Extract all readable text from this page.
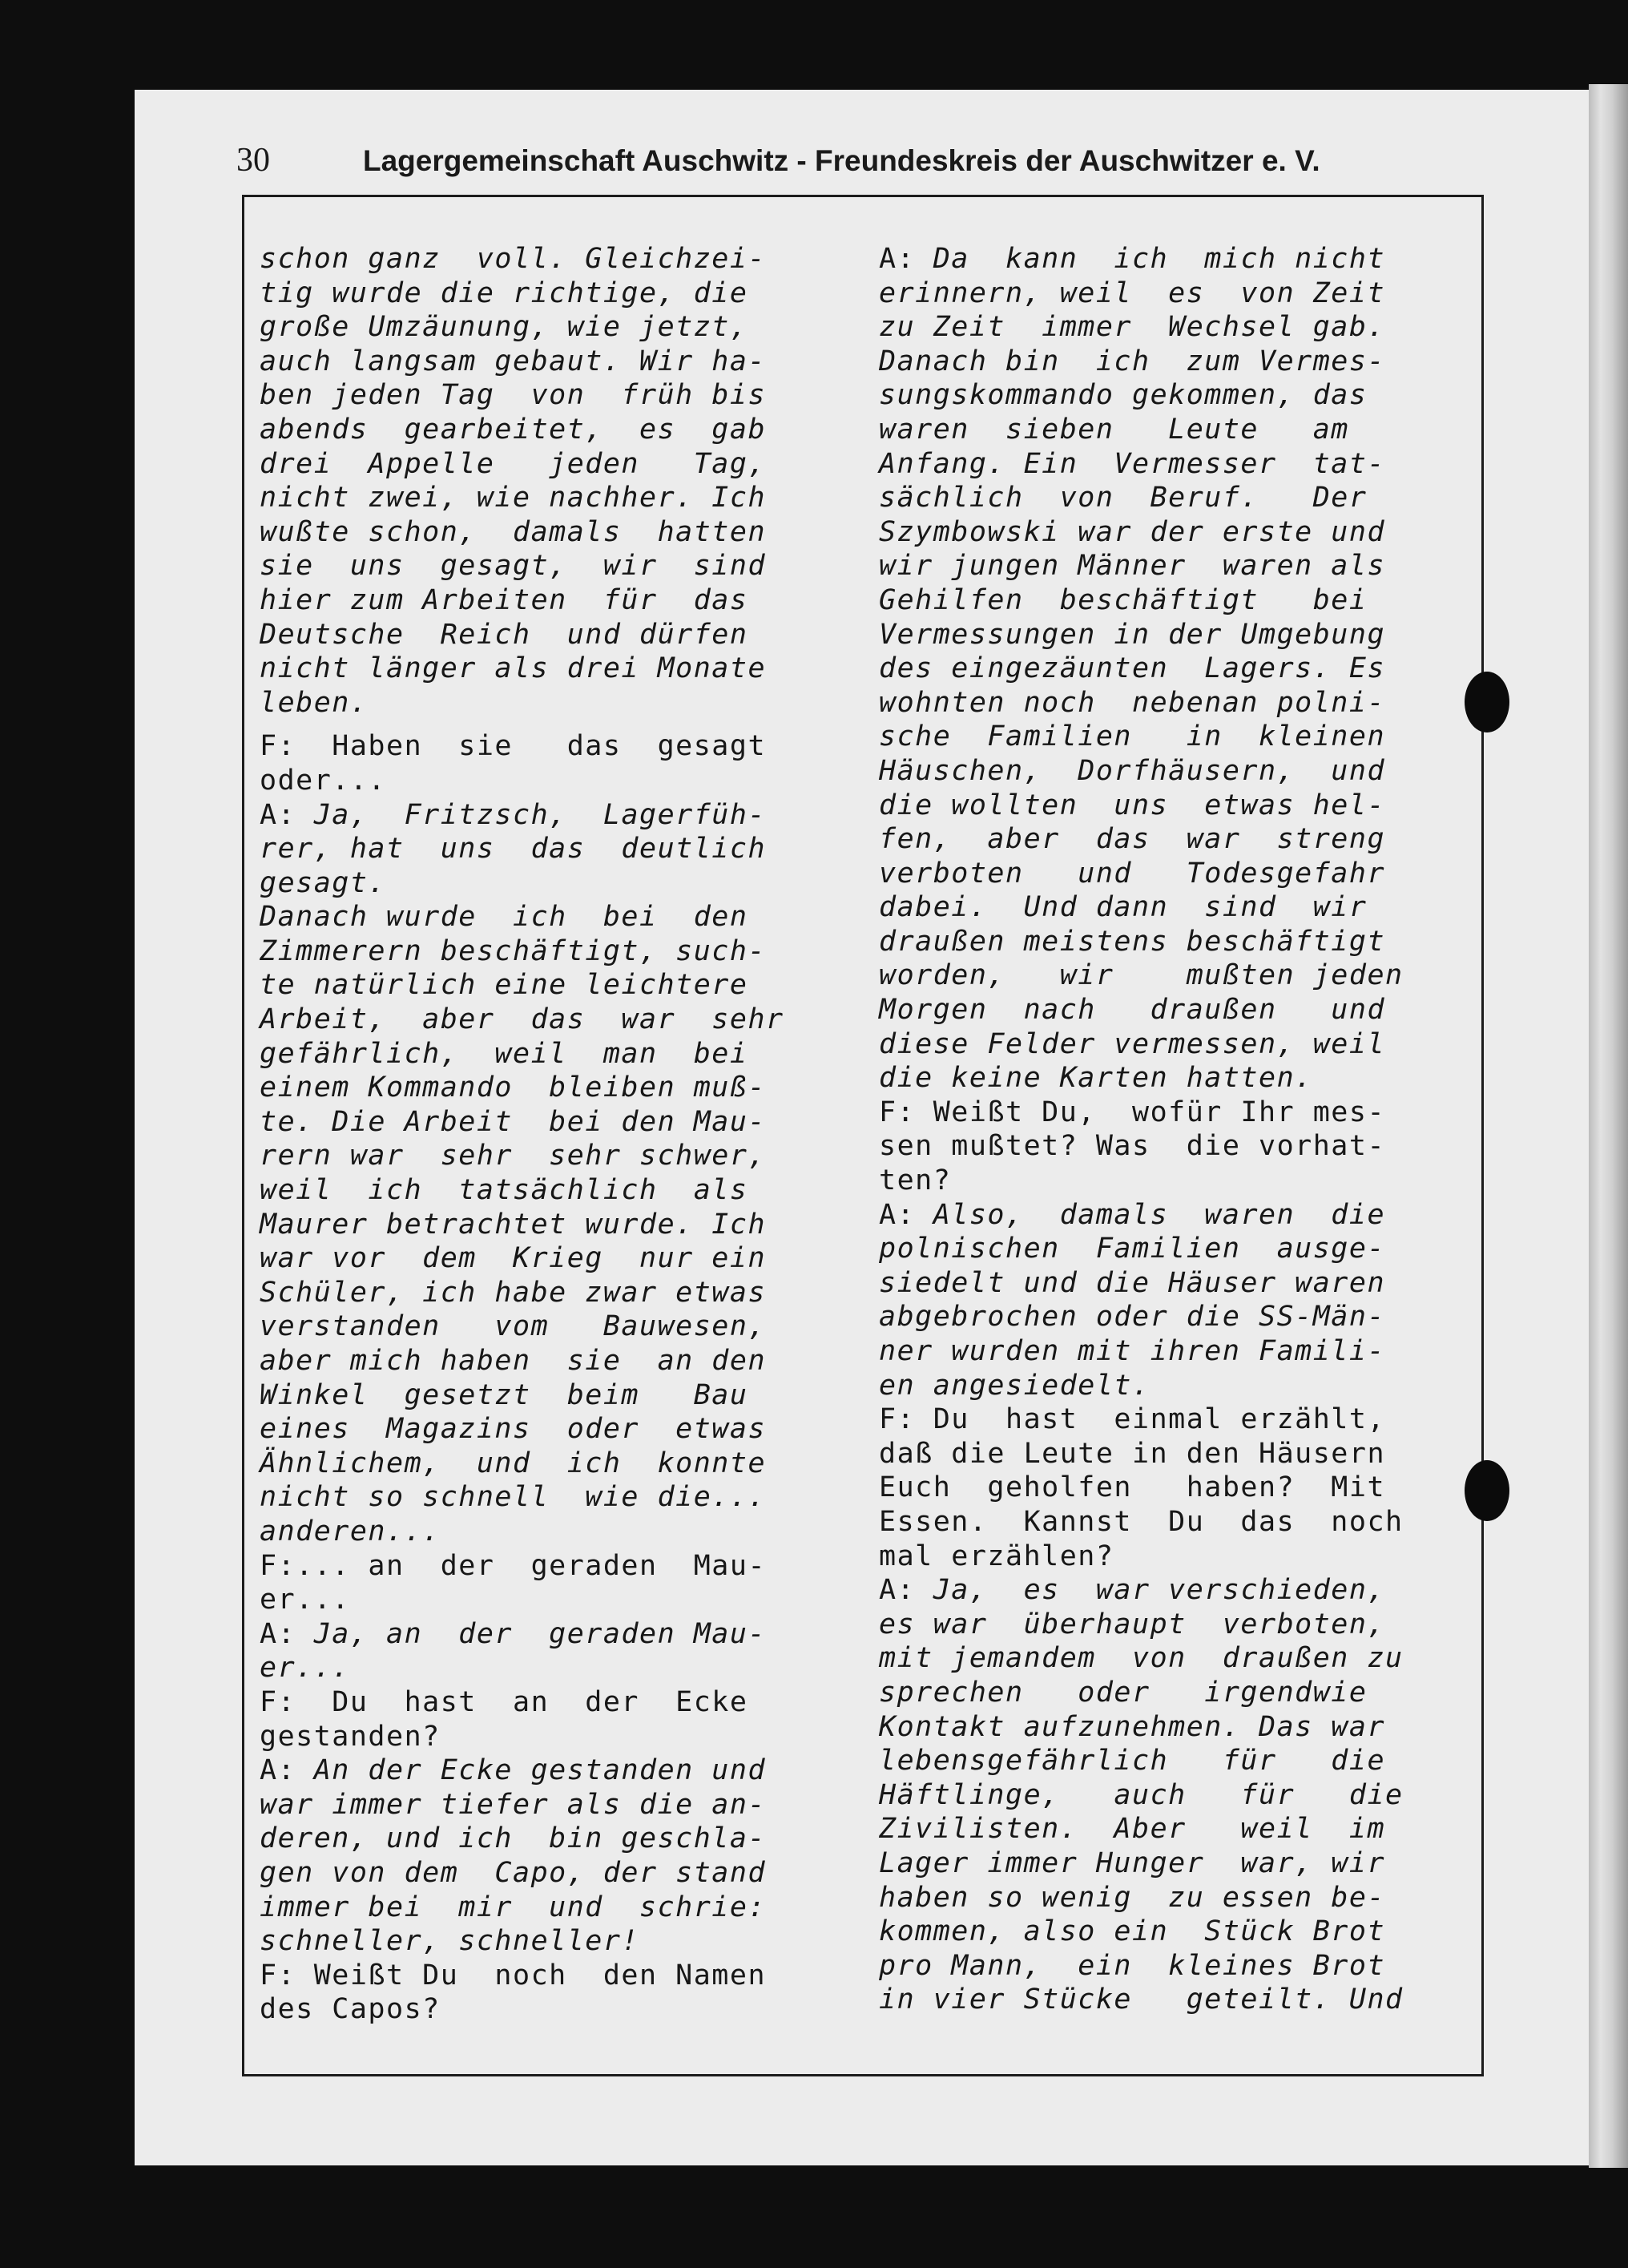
30	Lagergemeinschaft Auschwitz - Freundeskreis der Auschwitzer e. V.
schon ganz  voll. Gleichzei-
tig wurde die richtige, die
große Umzäunung, wie jetzt,
auch langsam gebaut. Wir ha-
ben jeden Tag  von  früh bis
abends  gearbeitet,  es  gab
drei  Appelle   jeden   Tag,
nicht zwei, wie nachher. Ich
wußte schon,  damals  hatten
sie  uns  gesagt,  wir  sind
hier zum Arbeiten  für  das
Deutsche  Reich  und dürfen
nicht länger als drei Monate
leben.
F:  Haben  sie   das  gesagt
oder...
A: Ja,  Fritzsch,  Lagerfüh-
rer, hat  uns  das  deutlich
gesagt.
Danach wurde  ich  bei  den
Zimmerern beschäftigt, such-
te natürlich eine leichtere
Arbeit,  aber  das  war  sehr
gefährlich,  weil  man  bei
einem Kommando  bleiben muß-
te. Die Arbeit  bei den Mau-
rern war  sehr  sehr schwer,
weil  ich  tatsächlich  als
Maurer betrachtet wurde. Ich
war vor  dem  Krieg  nur ein
Schüler, ich habe zwar etwas
verstanden   vom   Bauwesen,
aber mich haben  sie  an den
Winkel  gesetzt  beim   Bau
eines  Magazins  oder  etwas
Ähnlichem,  und  ich  konnte
nicht so schnell  wie die...
anderen...
F:... an  der  geraden  Mau-
er...
A: Ja, an  der  geraden Mau-
er...
F:  Du  hast  an  der  Ecke
gestanden?
A: An der Ecke gestanden und
war immer tiefer als die an-
deren, und ich  bin geschla-
gen von dem  Capo, der stand
immer bei  mir  und  schrie:
schneller, schneller!
F: Weißt Du  noch  den Namen
des Capos?
A: Da  kann  ich  mich nicht
erinnern, weil  es  von Zeit
zu Zeit  immer  Wechsel gab.
Danach bin  ich  zum Vermes-
sungskommando gekommen, das
waren  sieben   Leute   am
Anfang. Ein  Vermesser  tat-
sächlich  von  Beruf.   Der
Szymbowski war der erste und
wir jungen Männer  waren als
Gehilfen  beschäftigt   bei
Vermessungen in der Umgebung
des eingezäunten  Lagers. Es
wohnten noch  nebenan polni-
sche  Familien   in  kleinen
Häuschen,  Dorfhäusern,  und
die wollten  uns  etwas hel-
fen,  aber  das  war  streng
verboten   und   Todesgefahr
dabei.  Und dann  sind  wir
draußen meistens beschäftigt
worden,   wir    mußten jeden
Morgen  nach   draußen   und
diese Felder vermessen, weil
die keine Karten hatten.
F: Weißt Du,  wofür Ihr mes-
sen mußtet? Was  die vorhat-
ten?
A: Also,  damals  waren  die
polnischen  Familien  ausge-
siedelt und die Häuser waren
abgebrochen oder die SS-Män-
ner wurden mit ihren Famili-
en angesiedelt.
F: Du  hast  einmal erzählt,
daß die Leute in den Häusern
Euch  geholfen   haben?  Mit
Essen.  Kannst  Du  das  noch
mal erzählen?
A: Ja,  es  war verschieden,
es war  überhaupt  verboten,
mit jemandem  von  draußen zu
sprechen   oder   irgendwie
Kontakt aufzunehmen. Das war
lebensgefährlich   für   die
Häftlinge,   auch   für   die
Zivilisten.  Aber   weil  im
Lager immer Hunger  war, wir
haben so wenig  zu essen be-
kommen, also ein  Stück Brot
pro Mann,  ein  kleines Brot
in vier Stücke   geteilt. Und
